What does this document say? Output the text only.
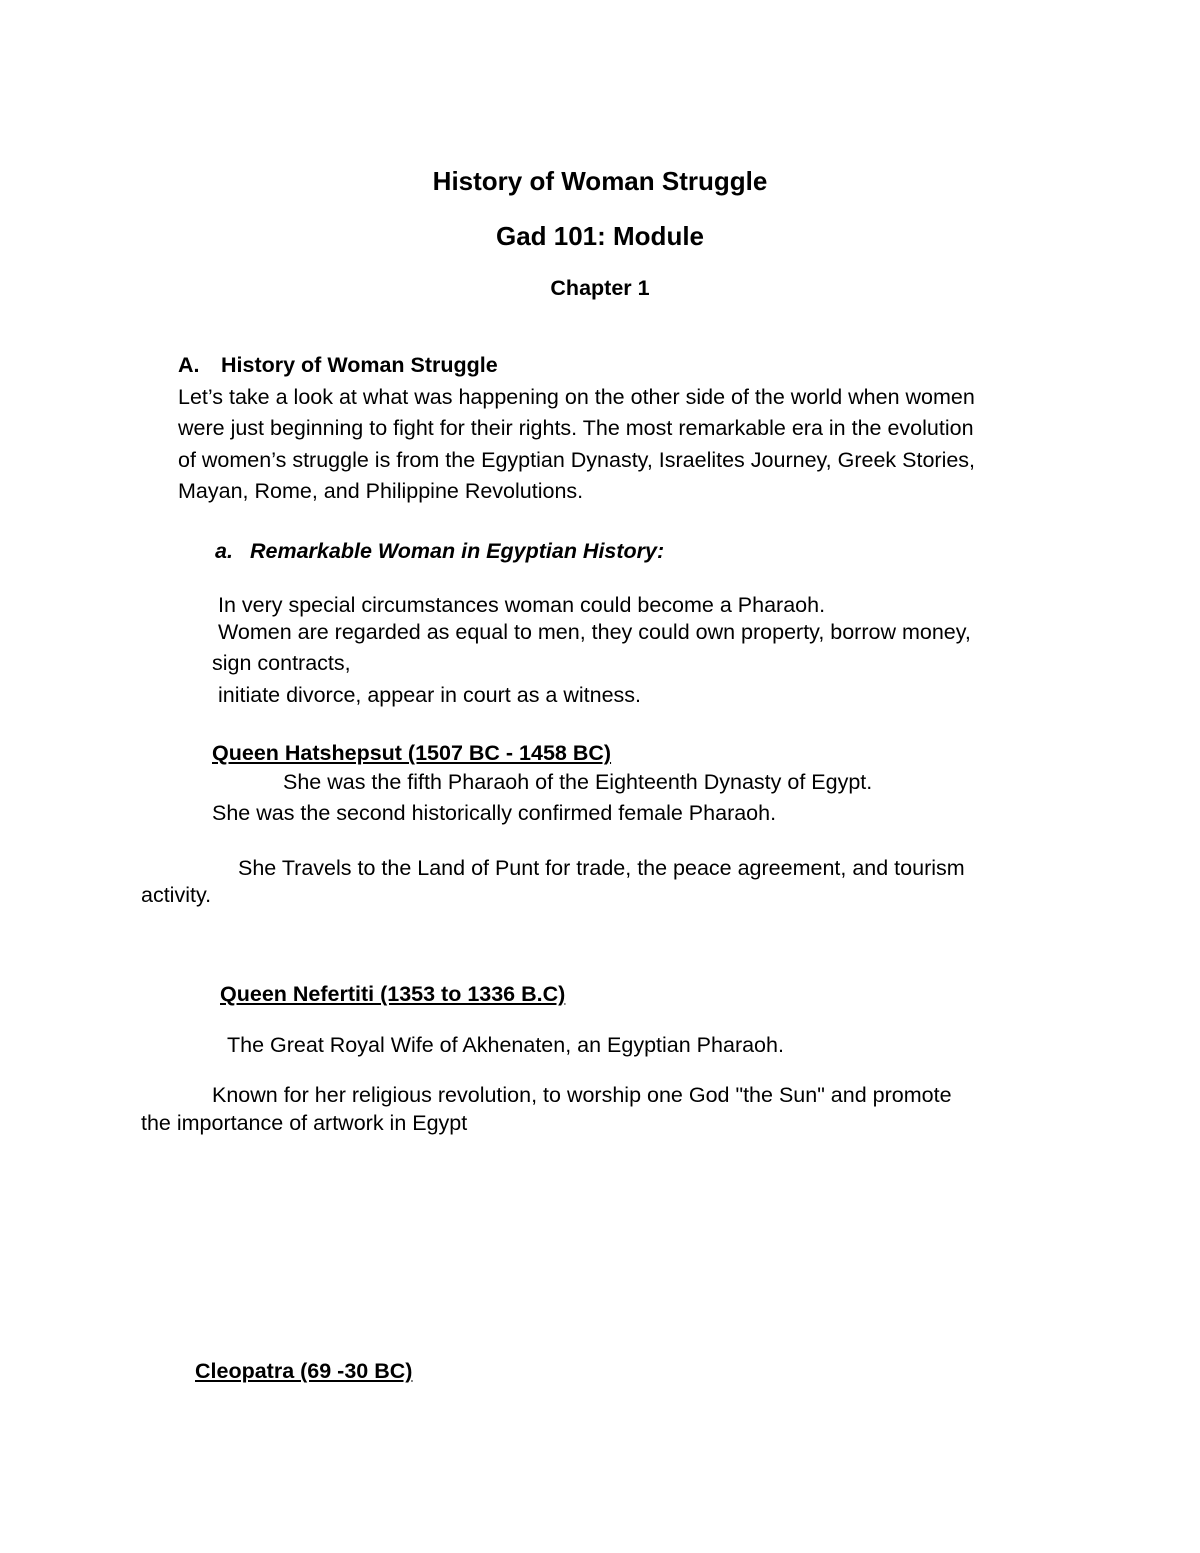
History of Woman Struggle
Gad 101: Module
Chapter 1
A. History of Woman Struggle
Let’s take a look at what was happening on the other side of the world when women
were just beginning to fight for their rights. The most remarkable era in the evolution
of women’s struggle is from the Egyptian Dynasty, Israelites Journey, Greek Stories,
Mayan, Rome, and Philippine Revolutions.
a. Remarkable Woman in Egyptian History:
In very special circumstances woman could become a Pharaoh.
Women are regarded as equal to men, they could own property, borrow money,
sign contracts,
initiate divorce, appear in court as a witness.
Queen Hatshepsut (1507 BC - 1458 BC)
She was the fifth Pharaoh of the Eighteenth Dynasty of Egypt.
She was the second historically confirmed female Pharaoh.
She Travels to the Land of Punt for trade, the peace agreement, and tourism
activity.
Queen Nefertiti (1353 to 1336 B.C)
The Great Royal Wife of Akhenaten, an Egyptian Pharaoh.
Known for her religious revolution, to worship one God "the Sun" and promote
the importance of artwork in Egypt
Cleopatra (69 -30 BC)
